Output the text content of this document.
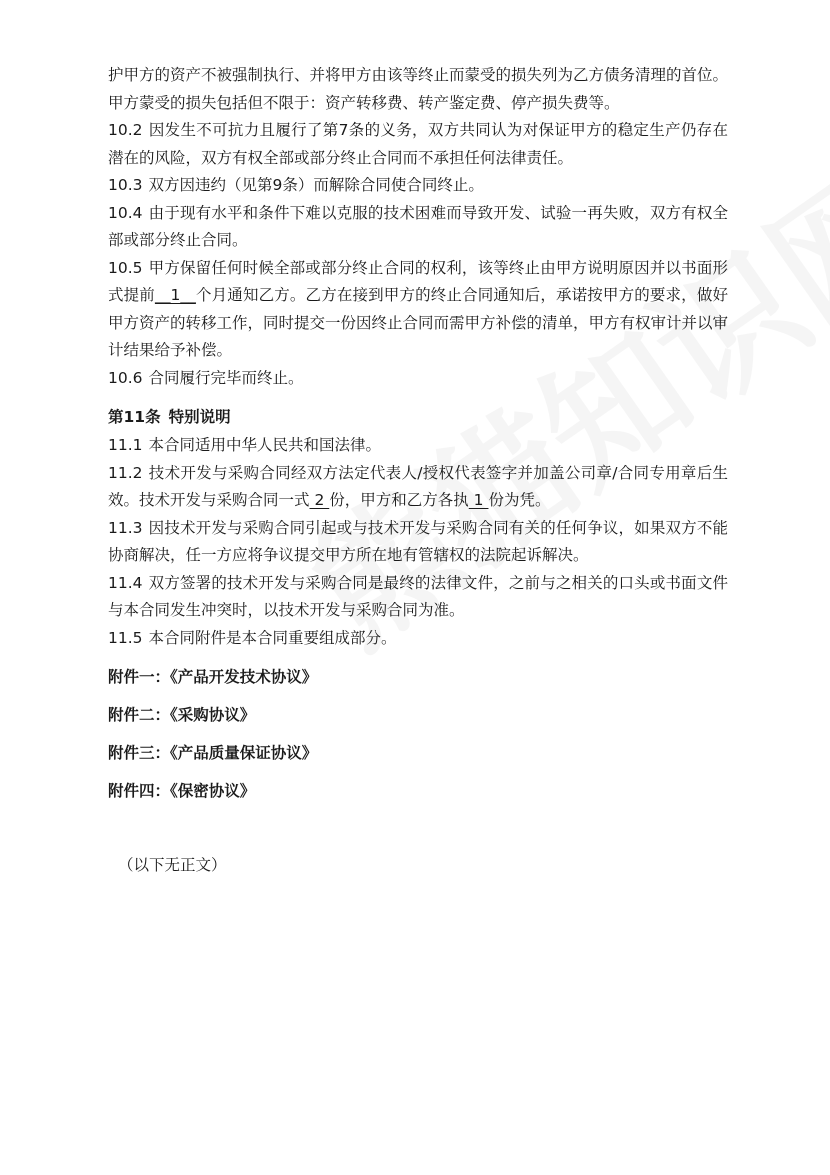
护甲方的资产不被强制执行、并将甲方由该等终止而蒙受的损失列为乙方债务清理的首位。甲方蒙受的损失包括但不限于：资产转移费、转产鉴定费、停产损失费等。

10.2 因发生不可抗力且履行了第7条的义务，双方共同认为对保证甲方的稳定生产仍存在潜在的风险，双方有权全部或部分终止合同而不承担任何法律责任。

10.3 双方因违约（见第9条）而解除合同使合同终止。

10.4 由于现有水平和条件下难以克服的技术困难而导致开发、试验一再失败，双方有权全部或部分终止合同。

10.5 甲方保留任何时候全部或部分终止合同的权利，该等终止由甲方说明原因并以书面形式提前__1__个月通知乙方。乙方在接到甲方的终止合同通知后，承诺按甲方的要求，做好甲方资产的转移工作，同时提交一份因终止合同而需甲方补偿的清单，甲方有权审计并以审计结果给予补偿。

10.6 合同履行完毕而终止。

第11条 特别说明

11.1 本合同适用中华人民共和国法律。

11.2 技术开发与采购合同经双方法定代表人/授权代表签字并加盖公司章/合同专用章后生效。技术开发与采购合同一式 2 份，甲方和乙方各执 1 份为凭。

11.3 因技术开发与采购合同引起或与技术开发与采购合同有关的任何争议，如果双方不能协商解决，任一方应将争议提交甲方所在地有管辖权的法院起诉解决。

11.4 双方签署的技术开发与采购合同是最终的法律文件，之前与之相关的口头或书面文件与本合同发生冲突时，以技术开发与采购合同为准。

11.5 本合同附件是本合同重要组成部分。

附件一：《产品开发技术协议》

附件二：《采购协议》

附件三：《产品质量保证协议》

附件四：《保密协议》

（以下无正文）
